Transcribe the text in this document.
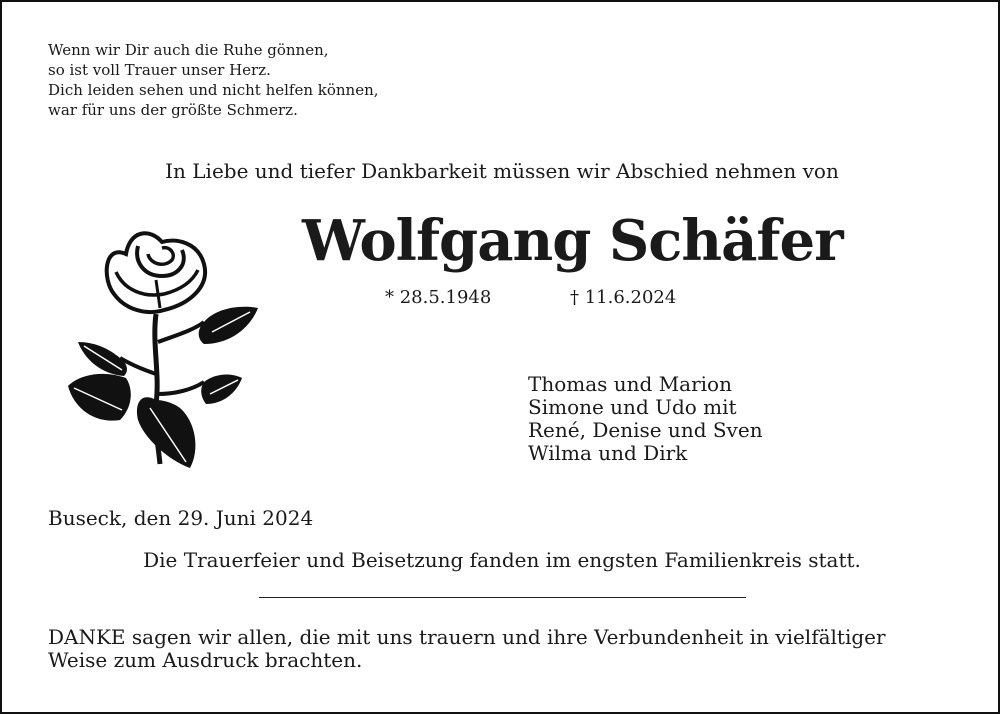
Wenn wir Dir auch die Ruhe gönnen,
so ist voll Trauer unser Herz.
Dich leiden sehen und nicht helfen können,
war für uns der größte Schmerz.
In Liebe und tiefer Dankbarkeit müssen wir Abschied nehmen von
Wolfgang Schäfer
* 28.5.1948	† 11.6.2024
Thomas und Marion
Simone und Udo mit
René, Denise und Sven
Wilma und Dirk
Buseck, den 29. Juni 2024
Die Trauerfeier und Beisetzung fanden im engsten Familienkreis statt.
DANKE sagen wir allen, die mit uns trauern und ihre Verbundenheit in vielfältiger Weise zum Ausdruck brachten.
